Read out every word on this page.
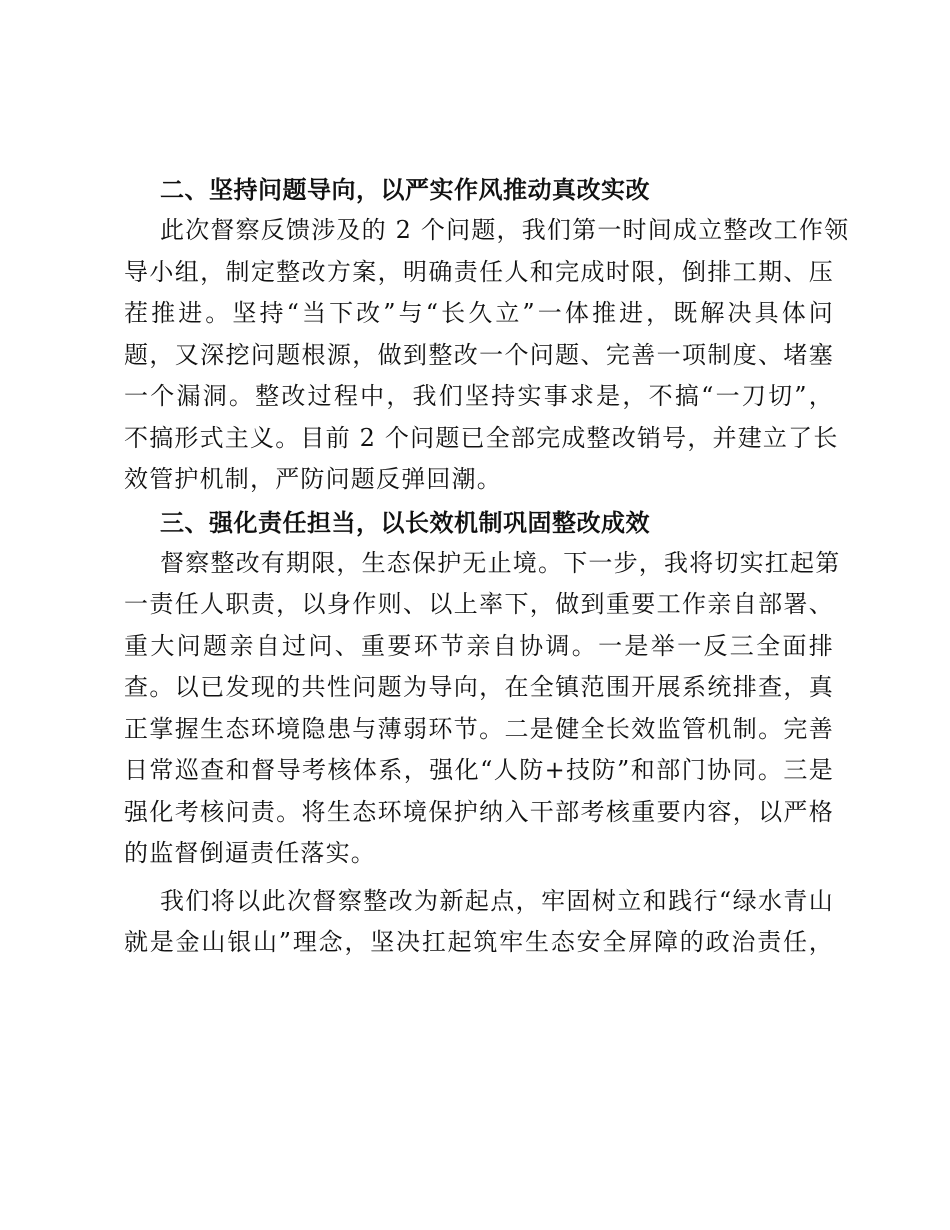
二、坚持问题导向，以严实作风推动真改实改
此次督察反馈涉及的 2 个问题，我们第一时间成立整改工作领
导小组，制定整改方案，明确责任人和完成时限，倒排工期、压
茬推进。坚持“当下改”与“长久立”一体推进，既解决具体问
题，又深挖问题根源，做到整改一个问题、完善一项制度、堵塞
一个漏洞。整改过程中，我们坚持实事求是，不搞“一刀切”，
不搞形式主义。目前 2 个问题已全部完成整改销号，并建立了长
效管护机制，严防问题反弹回潮。
三、强化责任担当，以长效机制巩固整改成效
督察整改有期限，生态保护无止境。下一步，我将切实扛起第
一责任人职责，以身作则、以上率下，做到重要工作亲自部署、
重大问题亲自过问、重要环节亲自协调。一是举一反三全面排
查。以已发现的共性问题为导向，在全镇范围开展系统排查，真
正掌握生态环境隐患与薄弱环节。二是健全长效监管机制。完善
日常巡查和督导考核体系，强化“人防+技防”和部门协同。三是
强化考核问责。将生态环境保护纳入干部考核重要内容，以严格
的监督倒逼责任落实。
我们将以此次督察整改为新起点，牢固树立和践行“绿水青山
就是金山银山”理念，坚决扛起筑牢生态安全屏障的政治责任，
